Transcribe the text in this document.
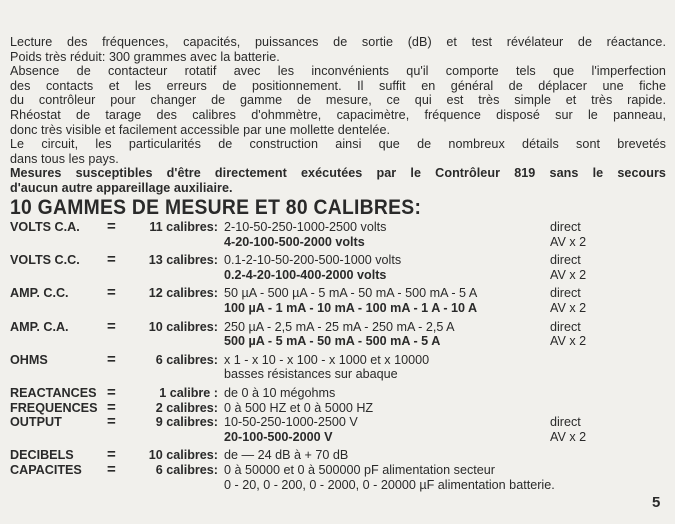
Lecture des fréquences, capacités, puissances de sortie (dB) et test révélateur de réactance.

Poids très réduit: 300 grammes avec la batterie.

Absence de contacteur rotatif avec les inconvénients qu'il comporte tels que l'imperfection

des contacts et les erreurs de positionnement. Il suffit en général de déplacer une fiche

du contrôleur pour changer de gamme de mesure, ce qui est très simple et très rapide.

Rhéostat de tarage des calibres d'ohmmètre, capacimètre, fréquence disposé sur le panneau,

donc très visible et facilement accessible par une mollette dentelée.

Le circuit, les particularités de construction ainsi que de nombreux détails sont brevetés

dans tous les pays.

Mesures susceptibles d'être directement exécutées par le Contrôleur 819 sans le secours

d'aucun autre appareillage auxiliaire.

10 GAMMES DE MESURE ET 80 CALIBRES:
VOLTS C.A. =	11 calibres: 2-10-50-250-1000-2500 volts	direct
4-20-100-500-2000 volts	AV x 2
VOLTS C.C. =	13 calibres: 0.1-2-10-50-200-500-1000 volts	direct
0.2-4-20-100-400-2000 volts	AV x 2
AMP. C.C.	=	12 calibres: 50 µA - 500 µA - 5 mA - 50 mA - 500 mA - 5 A	direct
100 µA - 1 mA - 10 mA - 100 mA - 1 A - 10 A	AV x 2
AMP. C.A.	=	10 calibres: 250 µA - 2,5 mA - 25 mA - 250 mA - 2,5 A	direct
500 µA - 5 mA - 50 mA - 500 mA - 5 A	AV x 2
OHMS	=	6 calibres: x 1 - x 10 - x 100 - x 1000 et x 10000
basses résistances sur abaque
REACTANCES =	1 calibre : de 0 à 10 mégohms
FREQUENCES =	2 calibres: 0 à 500 HZ et 0 à 5000 HZ
OUTPUT	=	9 calibres: 10-50-250-1000-2500 V	direct
20-100-500-2000 V	AV x 2
DECIBELS =	10 calibres: de — 24 dB à + 70 dB
CAPACITES =	6 calibres: 0 à 50000 et 0 à 500000 pF alimentation secteur
0 - 20, 0 - 200, 0 - 2000, 0 - 20000 µF alimentation batterie.
5
